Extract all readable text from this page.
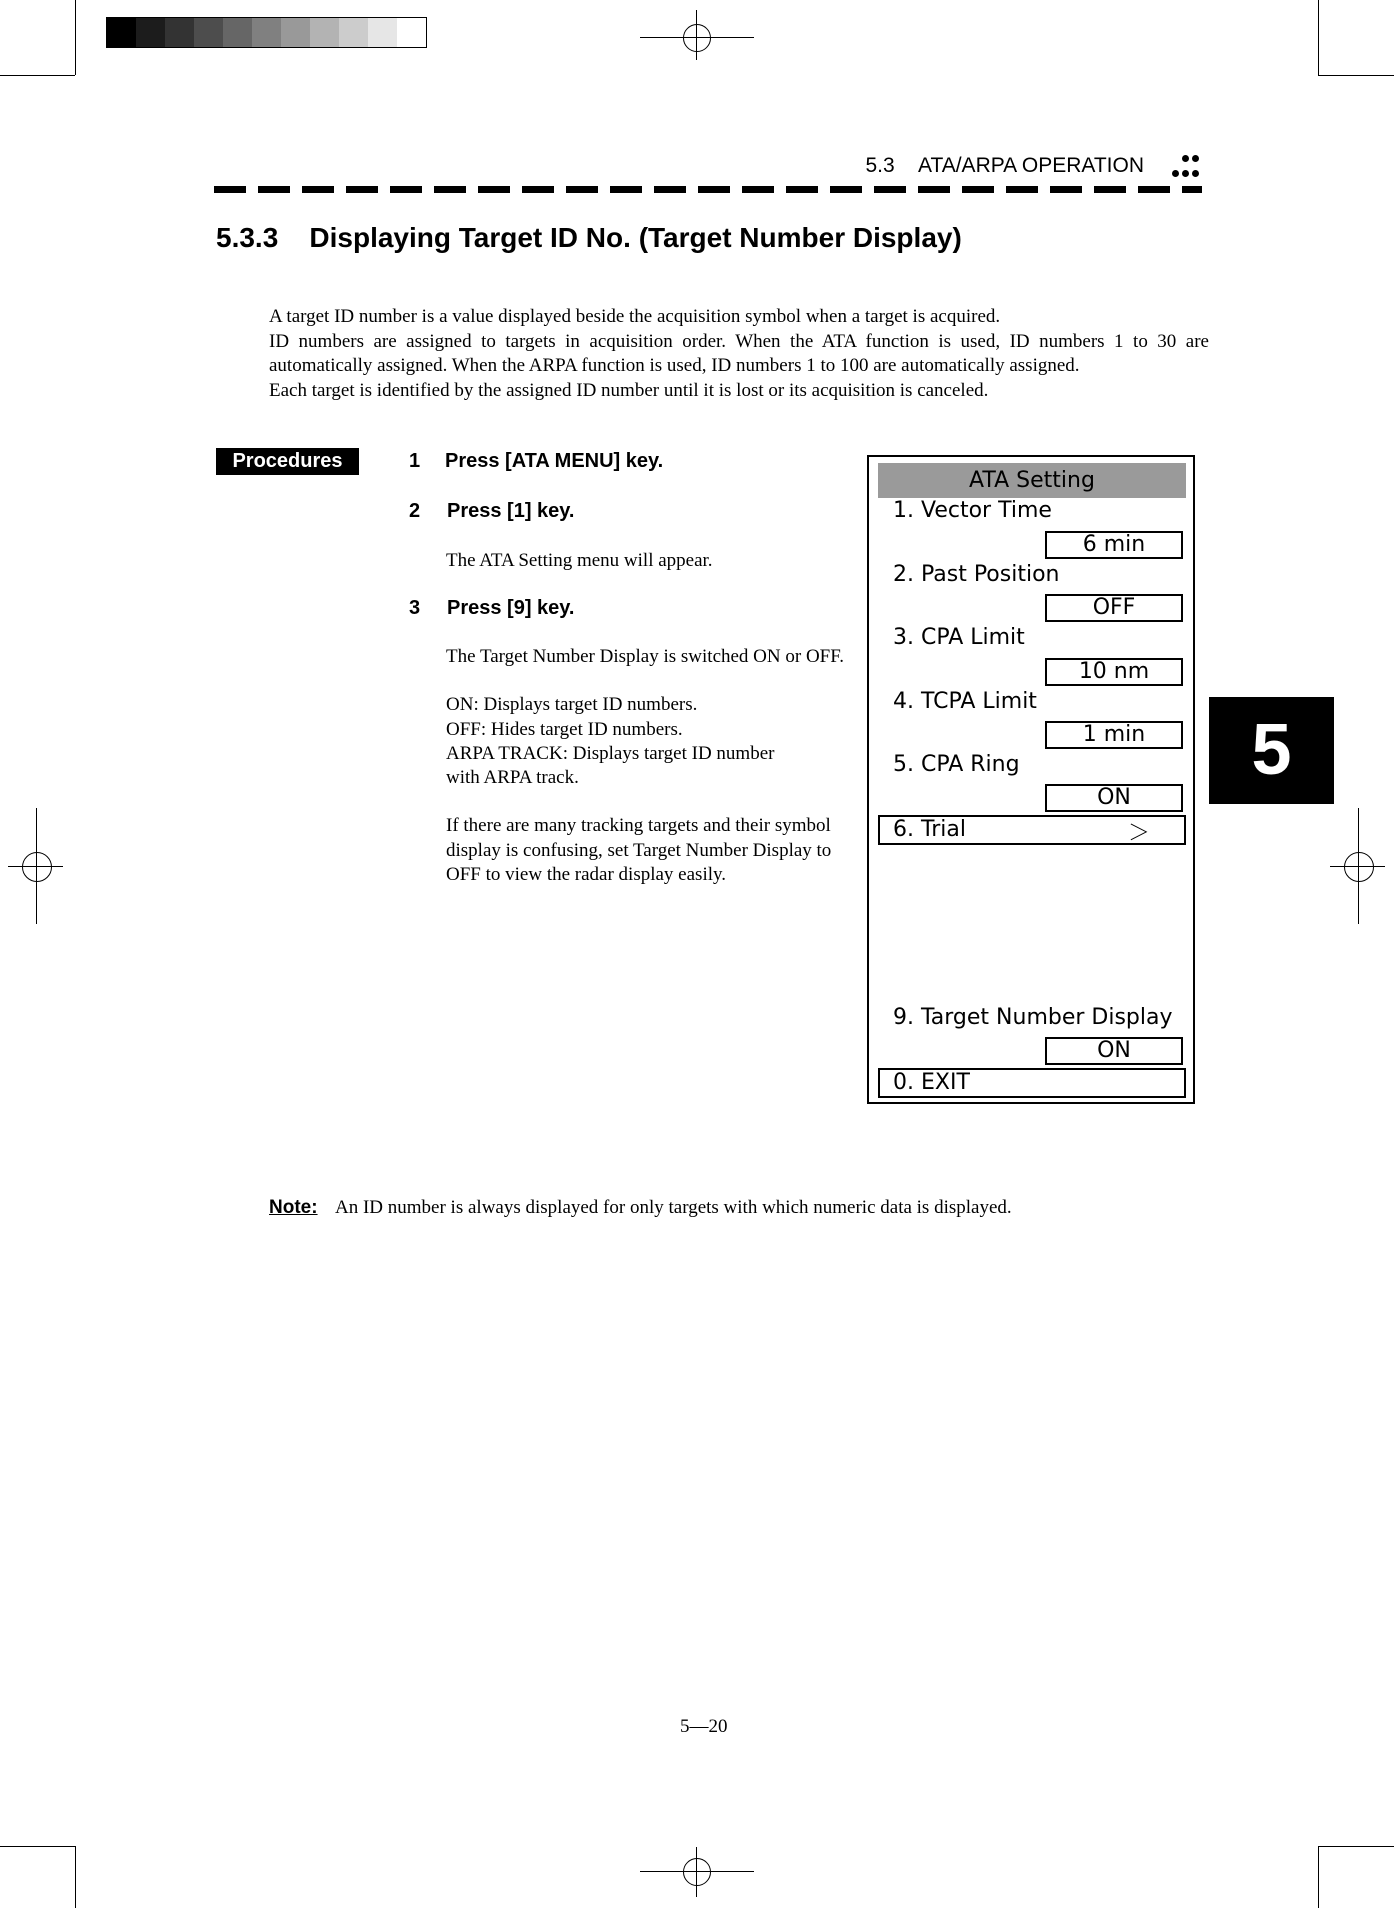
5.3 ATA/ARPA OPERATION
5.3.3    Displaying Target ID No. (Target Number Display)

A target ID number is a value displayed beside the acquisition symbol when a target is acquired.

ID numbers are assigned to targets in acquisition order. When the ATA function is used, ID numbers 1 to 30 are automatically assigned. When the ARPA function is used, ID numbers 1 to 100 are automatically assigned.

Each target is identified by the assigned ID number until it is lost or its acquisition is canceled.

Procedures	1 Press [ATA MENU] key.
2 Press [1] key.
The ATA Setting menu will appear.
3 Press [9] key.
The Target Number Display is switched ON or OFF.
ON: Displays target ID numbers.
OFF: Hides target ID numbers.
ARPA TRACK: Displays target ID number with ARPA track.
If there are many tracking targets and their symbol display is confusing, set Target Number Display to OFF to view the radar display easily.
ATA Setting
1. Vector Time
6 min
2. Past Position
OFF
3. CPA Limit
10 nm
4. TCPA Limit
1 min
5. CPA Ring
ON
6. Trial	＞
9. Target Number Display
ON
0. EXIT
5
Note: An ID number is always displayed for only targets with which numeric data is displayed.
5—20
